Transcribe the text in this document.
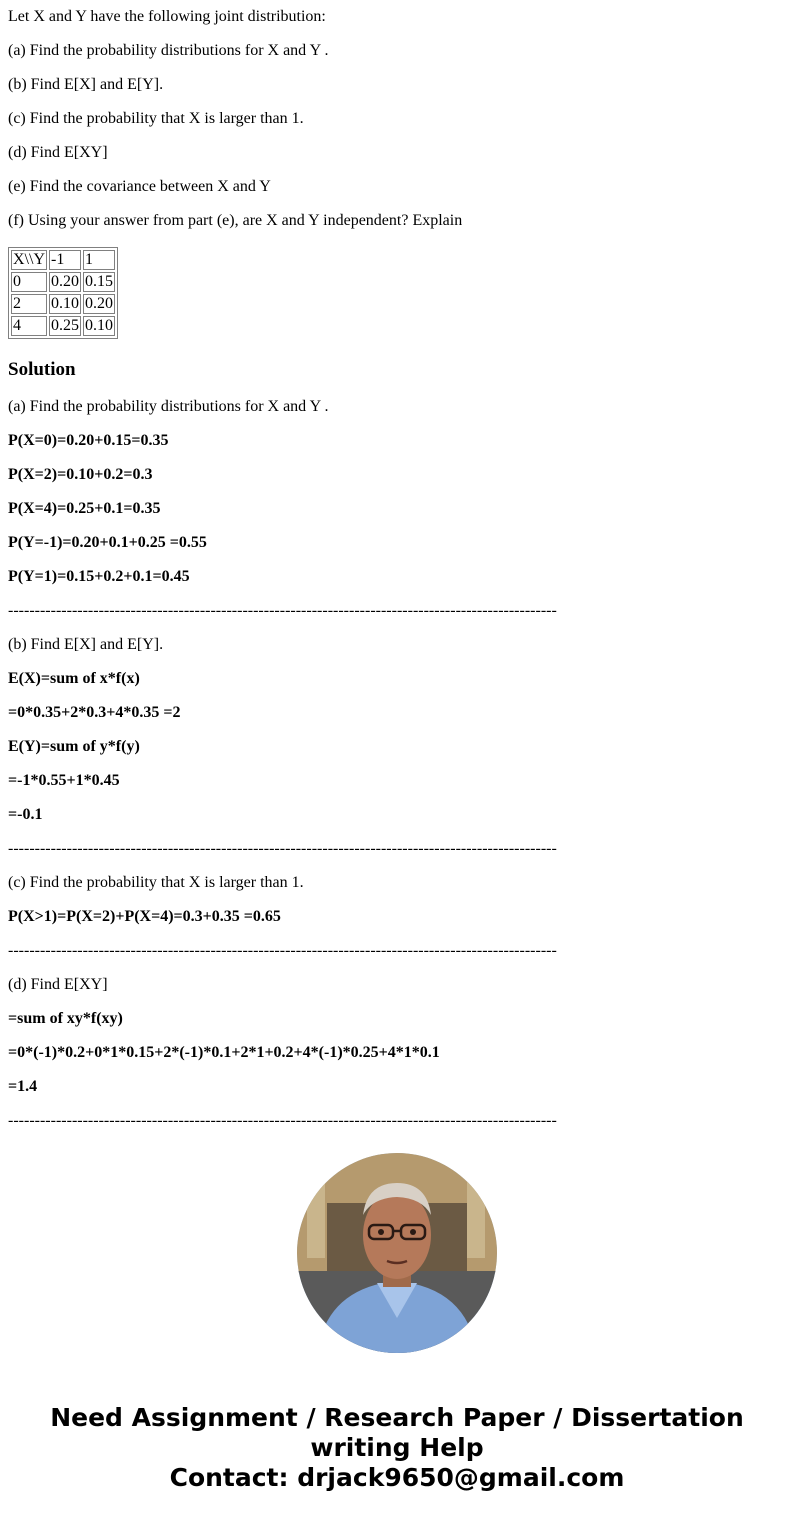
Let X and Y have the following joint distribution:

(a) Find the probability distributions for X and Y .

(b) Find E[X] and E[Y].

(c) Find the probability that X is larger than 1.

(d) Find E[XY]

(e) Find the covariance between X and Y

(f) Using your answer from part (e), are X and Y independent? Explain

X\\Y	-1	1
0	0.20	0.15
2	0.10	0.20
4	0.25	0.10
Solution

(a) Find the probability distributions for X and Y .

P(X=0)=0.20+0.15=0.35

P(X=2)=0.10+0.2=0.3

P(X=4)=0.25+0.1=0.35

P(Y=-1)=0.20+0.1+0.25 =0.55

P(Y=1)=0.15+0.2+0.1=0.45

-------------------------------------------------------------------------------------------------------

(b) Find E[X] and E[Y].

E(X)=sum of x*f(x)

=0*0.35+2*0.3+4*0.35 =2

E(Y)=sum of y*f(y)

=-1*0.55+1*0.45

=-0.1

-------------------------------------------------------------------------------------------------------

(c) Find the probability that X is larger than 1.

P(X>1)=P(X=2)+P(X=4)=0.3+0.35 =0.65

-------------------------------------------------------------------------------------------------------

(d) Find E[XY]

=sum of xy*f(xy)

=0*(-1)*0.2+0*1*0.15+2*(-1)*0.1+2*1+0.2+4*(-1)*0.25+4*1*0.1

=1.4

-------------------------------------------------------------------------------------------------------

Need Assignment / Research Paper / Dissertation
writing Help
Contact: drjack9650@gmail.com
